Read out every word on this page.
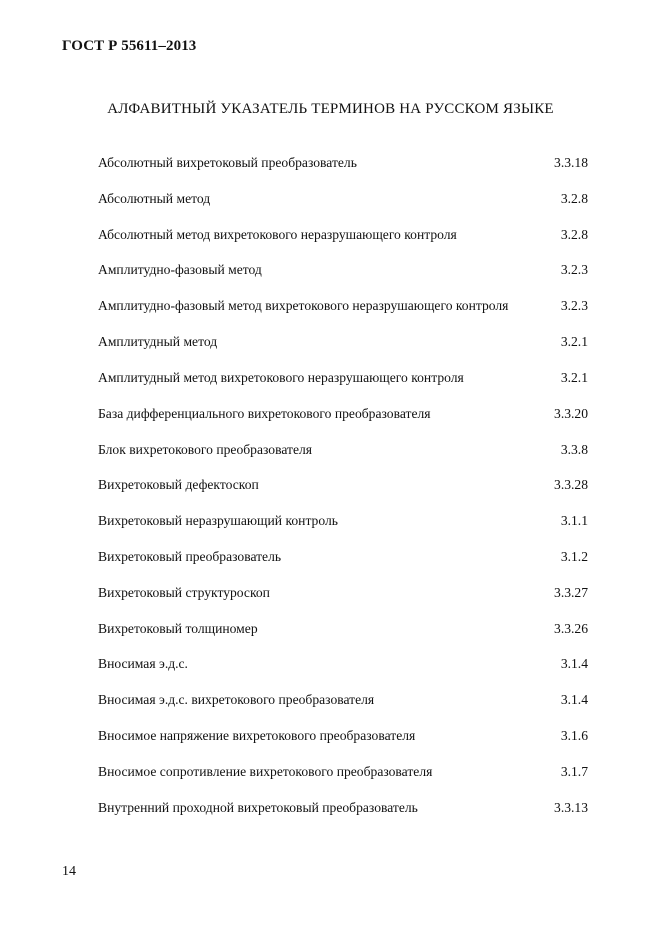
ГОСТ Р 55611–2013
АЛФАВИТНЫЙ УКАЗАТЕЛЬ ТЕРМИНОВ НА РУССКОМ ЯЗЫКЕ
Абсолютный вихретоковый преобразователь	3.3.18
Абсолютный метод	3.2.8
Абсолютный метод вихретокового неразрушающего контроля	3.2.8
Амплитудно-фазовый метод	3.2.3
Амплитудно-фазовый метод вихретокового неразрушающего контроля	3.2.3
Амплитудный метод	3.2.1
Амплитудный метод вихретокового неразрушающего контроля	3.2.1
База дифференциального вихретокового преобразователя	3.3.20
Блок вихретокового преобразователя	3.3.8
Вихретоковый дефектоскоп	3.3.28
Вихретоковый неразрушающий контроль	3.1.1
Вихретоковый преобразователь	3.1.2
Вихретоковый структуроскоп	3.3.27
Вихретоковый толщиномер	3.3.26
Вносимая э.д.с.	3.1.4
Вносимая э.д.с. вихретокового преобразователя	3.1.4
Вносимое напряжение вихретокового преобразователя	3.1.6
Вносимое сопротивление вихретокового преобразователя	3.1.7
Внутренний проходной вихретоковый преобразователь	3.3.13
14
